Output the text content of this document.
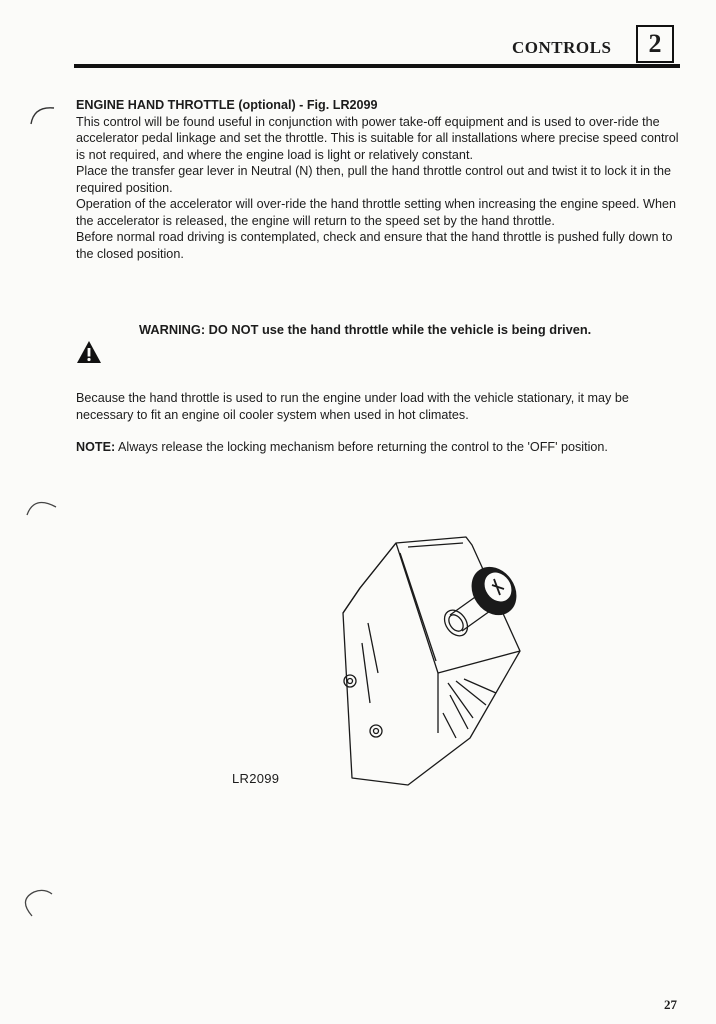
CONTROLS	2

ENGINE HAND THROTTLE (optional) - Fig. LR2099

This control will be found useful in conjunction with power take-off equipment and is used to over-ride the accelerator pedal linkage and set the throttle. This is suitable for all installations where precise speed control is not required, and where the engine load is light or relatively constant.

Place the transfer gear lever in Neutral (N) then, pull the hand throttle control out and twist it to lock it in the required position.

Operation of the accelerator will over-ride the hand throttle setting when increasing the engine speed. When the accelerator is released, the engine will return to the speed set by the hand throttle.

Before normal road driving is contemplated, check and ensure that the hand throttle is pushed fully down to the closed position.

WARNING: DO NOT use the hand throttle while the vehicle is being driven.

Because the hand throttle is used to run the engine under load with the vehicle stationary, it may be necessary to fit an engine oil cooler system when used in hot climates.

NOTE: Always release the locking mechanism before returning the control to the 'OFF' position.

LR2099
27
